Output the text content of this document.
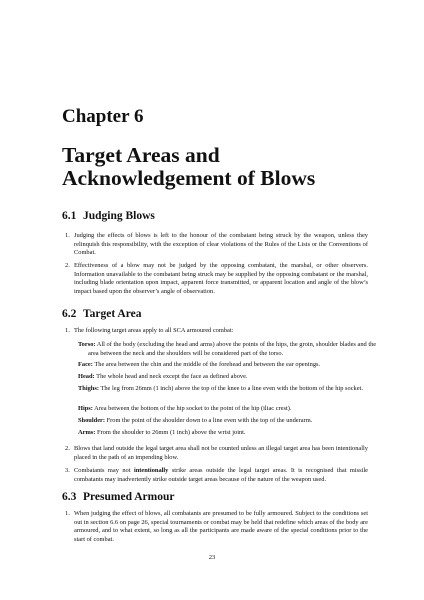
Chapter 6
Target Areas and Acknowledgement of Blows
6.1 Judging Blows
1. Judging the effects of blows is left to the honour of the combatant being struck by the weapon, unless they relinquish this responsibility, with the exception of clear violations of the Rules of the Lists or the Conventions of Combat.
2. Effectiveness of a blow may not be judged by the opposing combatant, the marshal, or other observers. Information unavailable to the combatant being struck may be supplied by the opposing combatant or the marshal, including blade orientation upon impact, apparent force transmitted, or apparent location and angle of the blow’s impact based upon the observer’s angle of observation.
6.2 Target Area
1. The following target areas apply to all SCA armoured combat:
Torso: All of the body (excluding the head and arms) above the points of the hips, the groin, shoulder blades and the area between the neck and the shoulders will be considered part of the torso.
Face: The area between the chin and the middle of the forehead and between the ear openings.
Head: The whole head and neck except the face as defined above.
Thighs: The leg from 26mm (1 inch) above the top of the knee to a line even with the bottom of the hip socket.
Hips: Area between the bottom of the hip socket to the point of the hip (iliac crest).
Shoulder: From the point of the shoulder down to a line even with the top of the underarm.
Arms: From the shoulder to 26mm (1 inch) above the wrist joint.
2. Blows that land outside the legal target area shall not be counted unless an illegal target area has been intentionally placed in the path of an impending blow.
3. Combatants may not intentionally strike areas outside the legal target areas. It is recognised that missile combatants may inadvertently strike outside target areas because of the nature of the weapon used.
6.3 Presumed Armour
1. When judging the effect of blows, all combatants are presumed to be fully armoured. Subject to the conditions set out in section 6.6 on page 26, special tournaments or combat may be held that redefine which areas of the body are armoured, and to what extent, so long as all the participants are made aware of the special conditions prior to the start of combat.
23
